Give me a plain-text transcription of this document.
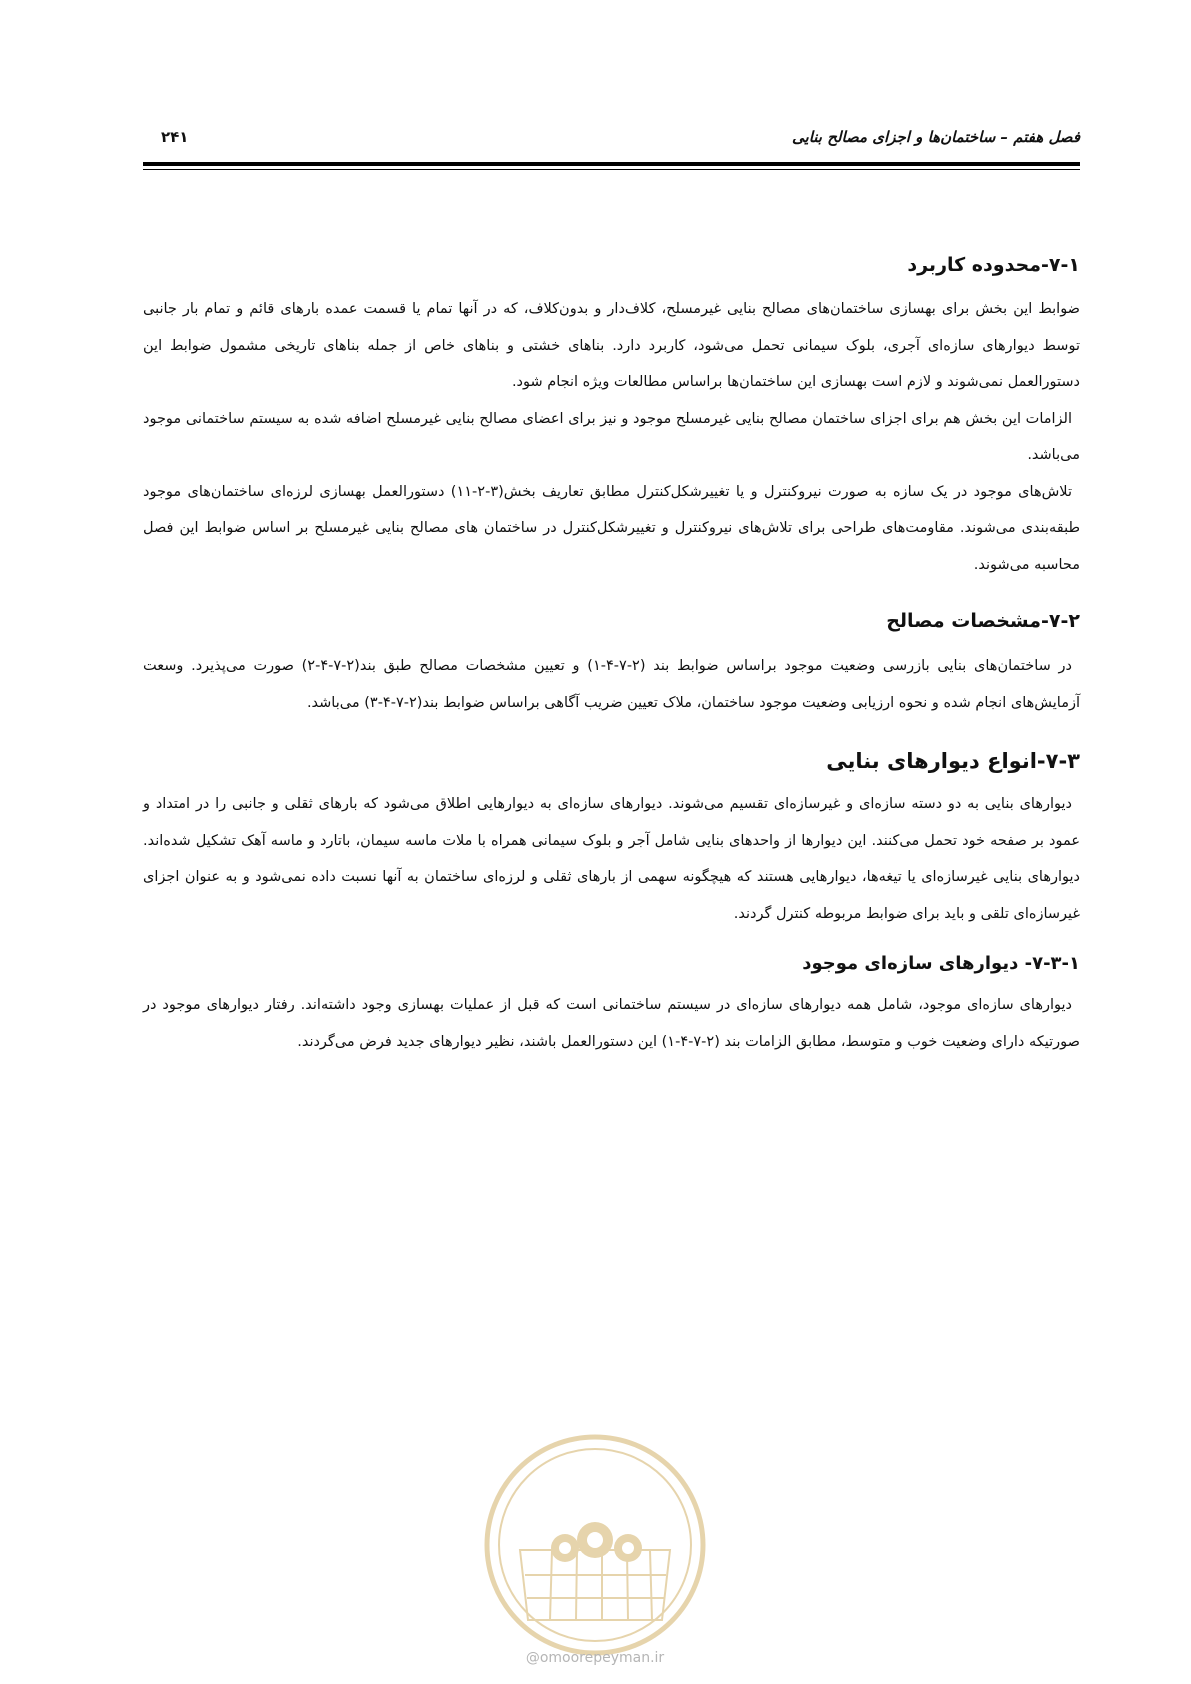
فصل هفتم – ساختمان‌ها و اجزای مصالح بنایی
۲۴۱
۷-۱-محدوده کاربرد

ضوابط این بخش برای بهسازی ساختمان‌های مصالح بنایی غیرمسلح، کلاف‌دار و بدون‌کلاف، که در آنها تمام یا قسمت عمده بارهای قائم و تمام بار جانبی توسط دیوارهای سازه‌ای آجری، بلوک سیمانی تحمل می‌شود، کاربرد دارد. بناهای خشتی و بناهای خاص از جمله بناهای تاریخی مشمول ضوابط این دستورالعمل نمی‌شوند و لازم است بهسازی این ساختمان‌ها براساس مطالعات ویژه انجام شود.

الزامات این بخش هم برای اجزای ساختمان مصالح بنایی غیرمسلح موجود و نیز برای اعضای مصالح بنایی غیرمسلح اضافه شده به سیستم ساختمانی موجود می‌باشد.

تلاش‌های موجود در یک سازه به صورت نیروکنترل و یا تغییرشکل‌کنترل مطابق تعاریف بخش(۳-۲-۱۱) دستورالعمل بهسازی لرزه‌ای ساختمان‌های موجود طبقه‌بندی می‌شوند. مقاومت‌های طراحی برای تلاش‌های نیروکنترل و تغییرشکل‌کنترل در ساختمان های مصالح بنایی غیرمسلح بر اساس ضوابط این فصل محاسبه می‌شوند.

۷-۲-مشخصات مصالح

در ساختمان‌های بنایی بازرسی وضعیت موجود براساس ضوابط بند (۲-۷-۴-۱) و تعیین مشخصات مصالح طبق بند(۲-۷-۴-۲) صورت می‌پذیرد. وسعت آزمایش‌های انجام شده و نحوه ارزیابی وضعیت موجود ساختمان، ملاک تعیین ضریب آگاهی براساس ضوابط بند(۲-۷-۴-۳) می‌باشد.

۷-۳-انواع دیوارهای بنایی

دیوارهای بنایی به دو دسته سازه‌ای و غیرسازه‌ای تقسیم می‌شوند. دیوارهای سازه‌ای به دیوارهایی اطلاق می‌شود که بارهای ثقلی و جانبی را در امتداد و عمود بر صفحه خود تحمل می‌کنند. این دیوارها از واحدهای بنایی شامل آجر و بلوک سیمانی همراه با ملات ماسه سیمان، باتارد و ماسه آهک تشکیل شده‌اند. دیوارهای بنایی غیرسازه‌ای یا تیغه‌ها، دیوارهایی هستند که هیچگونه سهمی از بارهای ثقلی و لرزه‌ای ساختمان به آنها نسبت داده نمی‌شود و به عنوان اجزای غیرسازه‌ای تلقی و باید برای ضوابط مربوطه کنترل گردند.

۷-۳-۱- دیوارهای سازه‌ای موجود

دیوارهای سازه‌ای موجود، شامل همه دیوارهای سازه‌ای در سیستم ساختمانی است که قبل از عملیات بهسازی وجود داشته‌اند. رفتار دیوارهای موجود در صورتیکه دارای وضعیت خوب و متوسط، مطابق الزامات بند (۲-۷-۴-۱) این دستورالعمل باشند، نظیر دیوارهای جدید فرض می‌گردند.

@omoorepeyman.ir
